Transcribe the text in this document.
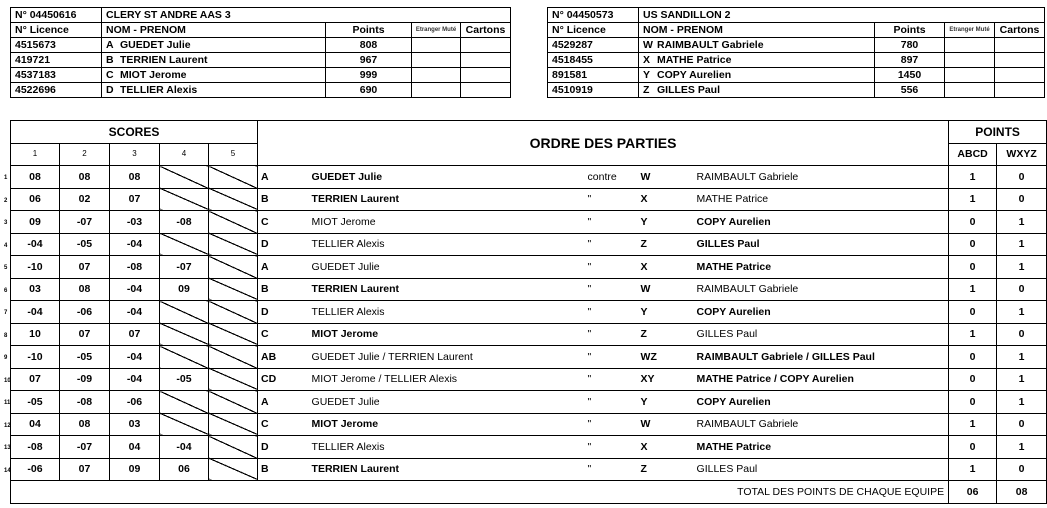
N° 04450616	CLERY ST ANDRE AAS 3			
N° Licence	NOM - PRENOM	Points	Etranger Muté	Cartons
4515673	A GUEDET Julie	808		
419721	B TERRIEN Laurent	967		
4537183	C MIOT Jerome	999		
4522696	D TELLIER Alexis	690		
N° 04450573	US SANDILLON 2			
N° Licence	NOM - PRENOM	Points	Etranger Muté	Cartons
4529287	W RAIMBAULT Gabriele	780		
4518455	X MATHE Patrice	897		
891581	Y COPY Aurelien	1450		
4510919	Z GILLES Paul	556		
SCORES					ORDRE DES PARTIES					POINTS	
1	2	3	4	5						ABCD	WXYZ

1 08	08	08			A	GUEDET Julie	contre	W	RAIMBAULT Gabriele	1	0

2 06	02	07			B	TERRIEN Laurent	"	X	MATHE Patrice	1	0

3 09	-07	-03	-08		C	MIOT Jerome	"	Y	COPY Aurelien	0	1

4 -04	-05	-04			D	TELLIER Alexis	"	Z	GILLES Paul	0	1

5 -10	07	-08	-07		A	GUEDET Julie	"	X	MATHE Patrice	0	1

6 03	08	-04	09		B	TERRIEN Laurent	"	W	RAIMBAULT Gabriele	1	0

7 -04	-06	-04			D	TELLIER Alexis	"	Y	COPY Aurelien	0	1

8 10	07	07			C	MIOT Jerome	"	Z	GILLES Paul	1	0

9 -10	-05	-04			AB	GUEDET Julie / TERRIEN Laurent	"	WZ	RAIMBAULT Gabriele / GILLES Paul	0	1

10 07	-09	-04	-05		CD	MIOT Jerome / TELLIER Alexis	"	XY	MATHE Patrice / COPY Aurelien	0	1

11 -05	-08	-06			A	GUEDET Julie	"	Y	COPY Aurelien	0	1

12 04	08	03			C	MIOT Jerome	"	W	RAIMBAULT Gabriele	1	0

13 -08	-07	04	-04		D	TELLIER Alexis	"	X	MATHE Patrice	0	1

14 -06	07	09	06		B	TERRIEN Laurent	"	Z	GILLES Paul	1	0
TOTAL DES POINTS DE CHAQUE EQUIPE										06	08
